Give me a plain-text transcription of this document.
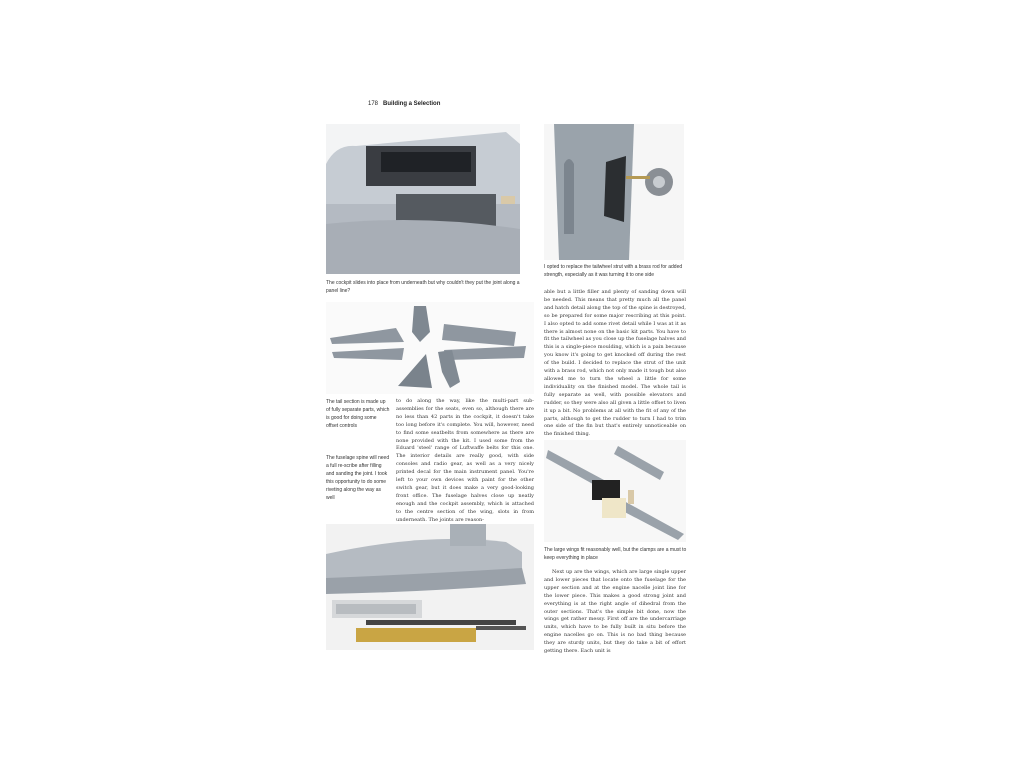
178 Building a Selection
The cockpit slides into place from underneath but why couldn't they put the joint along a panel line?
I opted to replace the tailwheel strut with a brass rod for added strength, especially as it was turning it to one side

able but a little filler and plenty of sanding down will be needed. This means that pretty much all the panel and hatch detail along the top of the spine is destroyed, so be prepared for some major rescribing at this point. I also opted to add some rivet detail while I was at it as there is almost none on the basic kit parts. You have to fit the tailwheel as you close up the fuselage halves and this is a single-piece moulding, which is a pain because you know it's going to get knocked off during the rest of the build. I decided to replace the strut of the unit with a brass rod, which not only made it tough but also allowed me to turn the wheel a little for some individuality on the finished model. The whole tail is fully separate as well, with possible elevators and rudder, so they were also all given a little offset to liven it up a bit. No problems at all with the fit of any of the parts, although to get the rudder to turn I had to trim one side of the fin but that's entirely unnoticeable on the finished thing.

The tail section is made up of fully separate parts, which is good for doing some offset controls
The fuselage spine will need a full re-scribe after filling and sanding the joint. I took this opportunity to do some riveting along the way as well

to do along the way, like the multi-part sub-assemblies for the seats, even so, although there are no less than 42 parts in the cockpit, it doesn't take too long before it's complete. You will, however, need to find some seatbelts from somewhere as there are none provided with the kit. I used some from the Eduard 'steel' range of Luftwaffe belts for this one. The interior details are really good, with side consoles and radio gear, as well as a very nicely printed decal for the main instrument panel. You're left to your own devices with paint for the other switch gear, but it does make a very good-looking front office. The fuselage halves close up neatly enough and the cockpit assembly, which is attached to the centre section of the wing, slots in from underneath. The joints are reason-

The large wings fit reasonably well, but the clamps are a must to keep everything in place

Next up are the wings, which are large single upper and lower pieces that locate onto the fuselage for the upper section and at the engine nacelle joint line for the lower piece. This makes a good strong joint and everything is at the right angle of dihedral from the outer sections. That's the simple bit done, now the wings get rather messy. First off are the undercarriage units, which have to be fully built in situ before the engine nacelles go on. This is no bad thing because they are sturdy units, but they do take a bit of effort getting there. Each unit is
